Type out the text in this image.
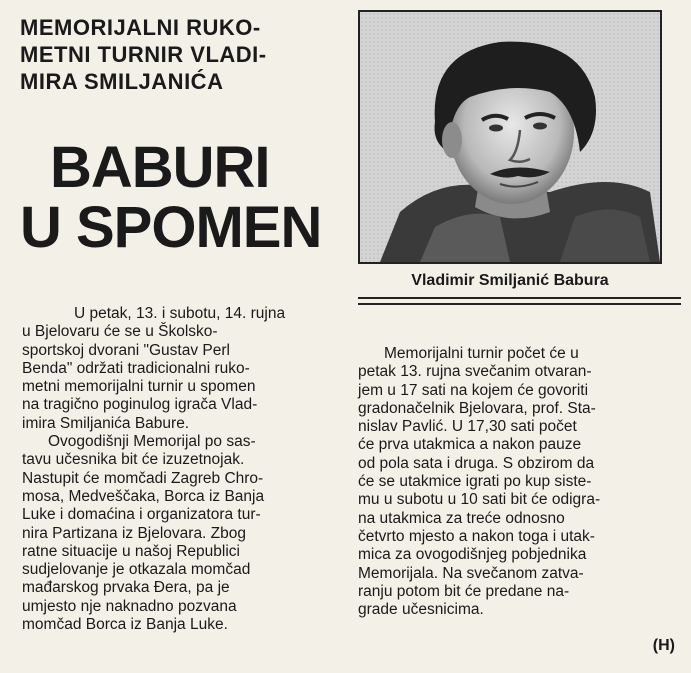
MEMORIJALNI RUKO-
METNI TURNIR VLADI-
MIRA SMILJANIĆA
BABURI
U SPOMEN
Vladimir Smiljanić Babura

U petak, 13. i subotu, 14. rujna

u Bjelovaru će se u Školsko-
sportskoj dvorani "Gustav Perl
Benda" održati tradicionalni ruko-
metni memorijalni turnir u spomen
na tragično poginulog igrača Vlad-
imira Smiljanića Babure.
Ovogodišnji Memorijal po sas-
tavu učesnika bit će izuzetnojak.
Nastupit će momčadi Zagreb Chro-
mosa, Medveščaka, Borca iz Banja
Luke i domaćina i organizatora tur-
nira Partizana iz Bjelovara. Zbog
ratne situacije u našoj Republici
sudjelovanje je otkazala momčad
mađarskog prvaka Đera, pa je
umjesto nje naknadno pozvana
momčad Borca iz Banja Luke.
Memorijalni turnir počet će u
petak 13. rujna svečanim otvaran-
jem u 17 sati na kojem će govoriti
gradonačelnik Bjelovara, prof. Sta-
nislav Pavlić. U 17,30 sati počet
će prva utakmica a nakon pauze
od pola sata i druga. S obzirom da
će se utakmice igrati po kup siste-
mu u subotu u 10 sati bit će odigra-
na utakmica za treće odnosno
četvrto mjesto a nakon toga i utak-
mica za ovogodišnjeg pobjednika
Memorijala. Na svečanom zatva-
ranju potom bit će predane na-
grade učesnicima.
(H)
